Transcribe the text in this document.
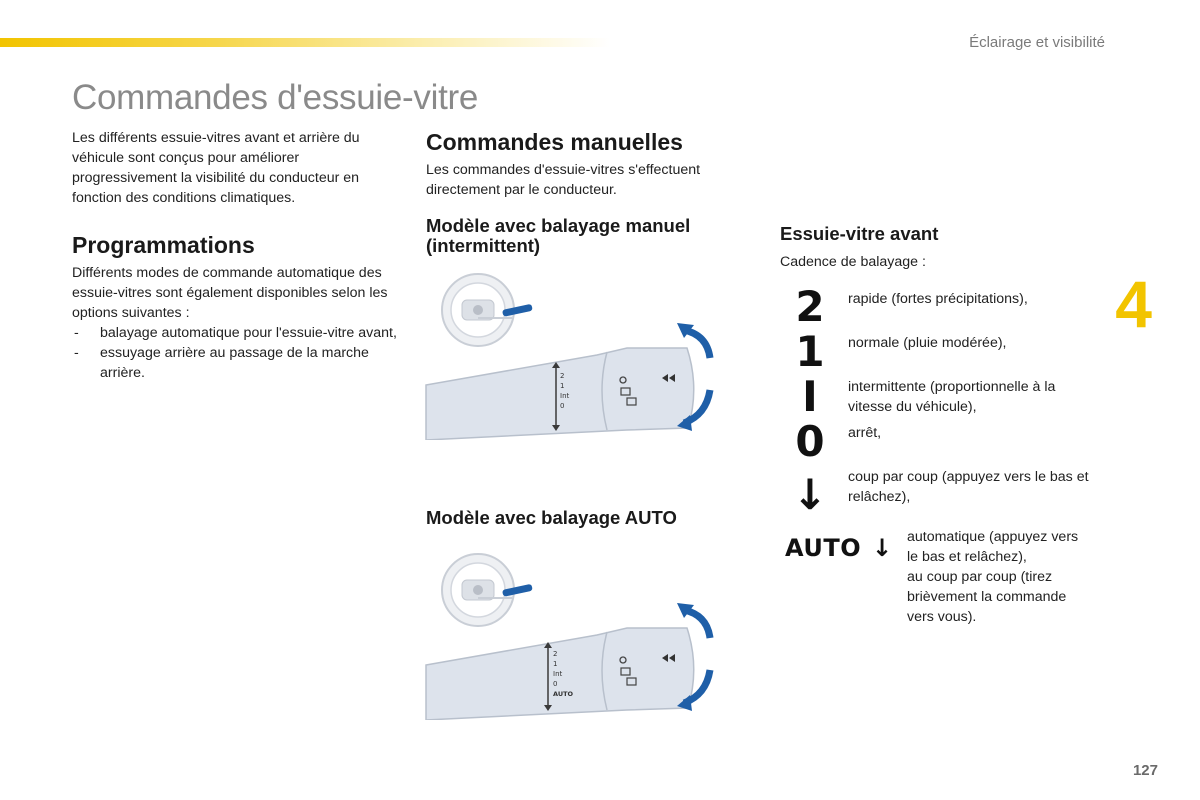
Éclairage et visibilité
Commandes d'essuie-vitre
Les différents essuie-vitres avant et arrière du véhicule sont conçus pour améliorer progressivement la visibilité du conducteur en fonction des conditions climatiques.
Programmations
Différents modes de commande automatique des essuie-vitres sont également disponibles selon les options suivantes :
- balayage automatique pour l'essuie-vitre avant,
- essuyage arrière au passage de la marche arrière.
Commandes manuelles
Les commandes d'essuie-vitres s'effectuent directement par le conducteur.
Modèle avec balayage manuel (intermittent)
2
1
Int
0
Modèle avec balayage AUTO
2
1
Int
0
AUTO
Essuie-vitre avant
Cadence de balayage :
2	rapide (fortes précipitations),
1	normale (pluie modérée),
I	intermittente (proportionnelle à la vitesse du véhicule),
0	arrêt,
↓	coup par coup (appuyez vers le bas et relâchez),
AUTO ↓ automatique (appuyez vers
le bas et relâchez),
au coup par coup (tirez
brièvement la commande
vers vous).
4
127
